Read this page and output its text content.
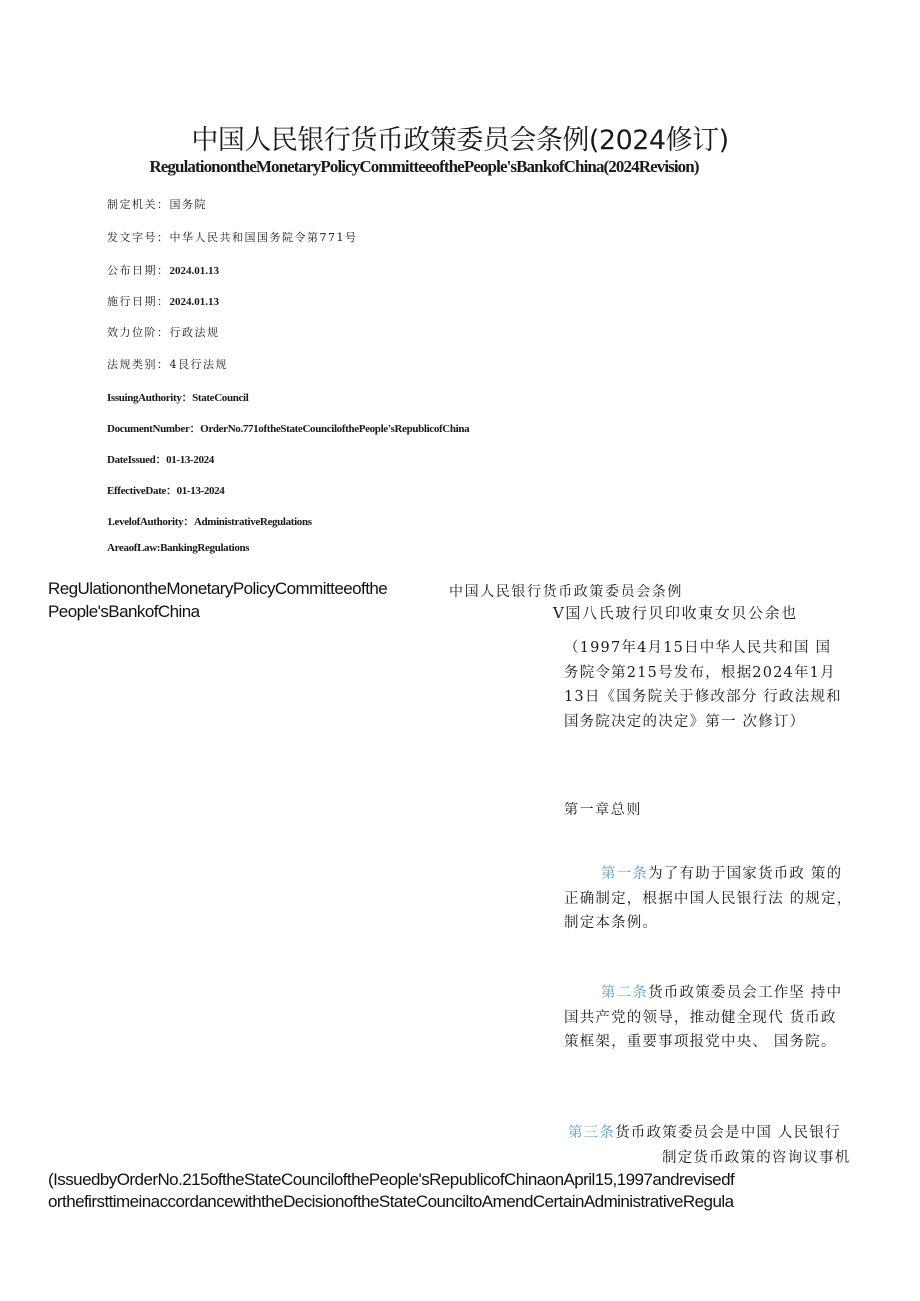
中国人民银行货币政策委员会条例(2024修订)
RegulationontheMonetaryPolicyCommitteeofthePeople'sBankofChina(2024Revision)
制定机关：国务院
发文字号：中华人民共和国国务院令第771号
公布日期：2024.01.13
施行日期：2024.01.13
效力位阶：行政法规
法规类别：4艮行法规
IssuingAuthority：StateCouncil
DocumentNumber：OrderNo.771oftheStateCouncilofthePeople'sRepublicofChina
DateIssued：01-13-2024
EffectiveDate：01-13-2024
1.evelofAuthority：AdministrativeRegulations
AreaofLaw:BankingRegulations
RegUlationontheMonetaryPolicyCommitteeofthe
People'sBankofChina
中国人民银行货币政策委员会条例
V国八氏玻行贝印收東女贝公余也
（1997年4月15日中华人民共和国 国
务院令第215号发布，根据2024年1月
13日《国务院关于修改部分 行政法规和
国务院决定的决定》第一 次修订）
第一章总则
第一条为了有助于国家货币政 策的
正确制定，根据中国人民银行法 的规定，
制定本条例。
第二条货币政策委员会工作坚 持中
国共产党的领导，推动健全现代 货币政
策框架，重要事项报党中央、 国务院。
第三条货币政策委员会是中国 人民银行
制定货币政策的咨询议事机
(IssuedbyOrderNo.215oftheStateCouncilofthePeople'sRepublicofChinaonApril15,1997andrevisedf
orthefirsttimeinaccordancewiththeDecisionoftheStateCounciltoAmendCertainAdministrativeRegula
